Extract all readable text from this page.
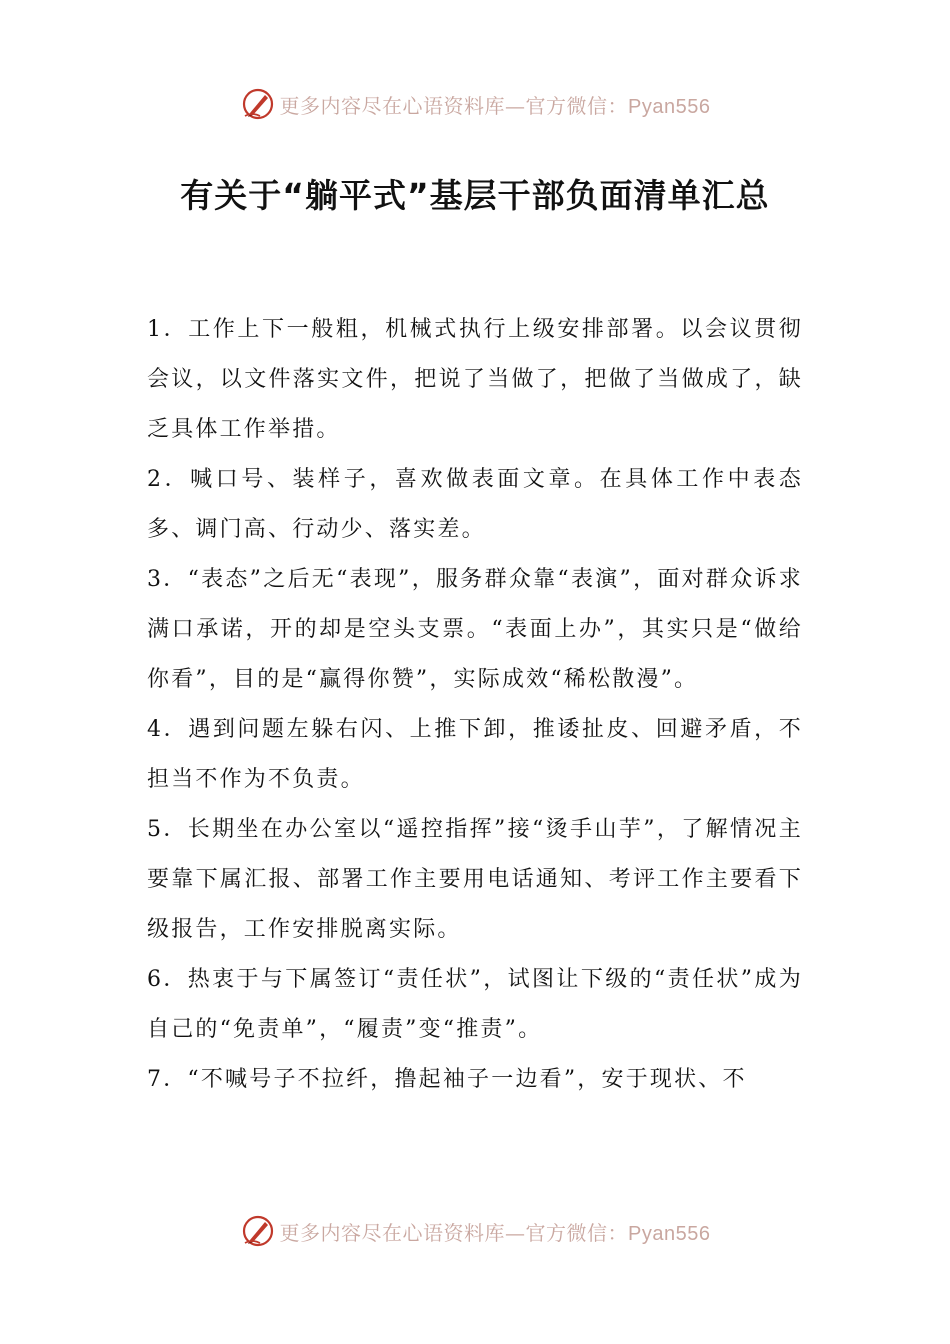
更多内容尽在心语资料库—官方微信：Pyan556
有关于“躺平式”基层干部负面清单汇总

1．工作上下一般粗，机械式执行上级安排部署。以会议贯彻会议，以文件落实文件，把说了当做了，把做了当做成了，缺乏具体工作举措。

2．喊口号、装样子，喜欢做表面文章。在具体工作中表态多、调门高、行动少、落实差。

3．“表态”之后无“表现”，服务群众靠“表演”，面对群众诉求满口承诺，开的却是空头支票。“表面上办”，其实只是“做给你看”，目的是“赢得你赞”，实际成效“稀松散漫”。

4．遇到问题左躲右闪、上推下卸，推诿扯皮、回避矛盾，不担当不作为不负责。

5．长期坐在办公室以“遥控指挥”接“烫手山芋”，了解情况主要靠下属汇报、部署工作主要用电话通知、考评工作主要看下级报告，工作安排脱离实际。

6．热衷于与下属签订“责任状”，试图让下级的“责任状”成为自己的“免责单”，“履责”变“推责”。

7．“不喊号子不拉纤，撸起袖子一边看”，安于现状、不

更多内容尽在心语资料库—官方微信：Pyan556
